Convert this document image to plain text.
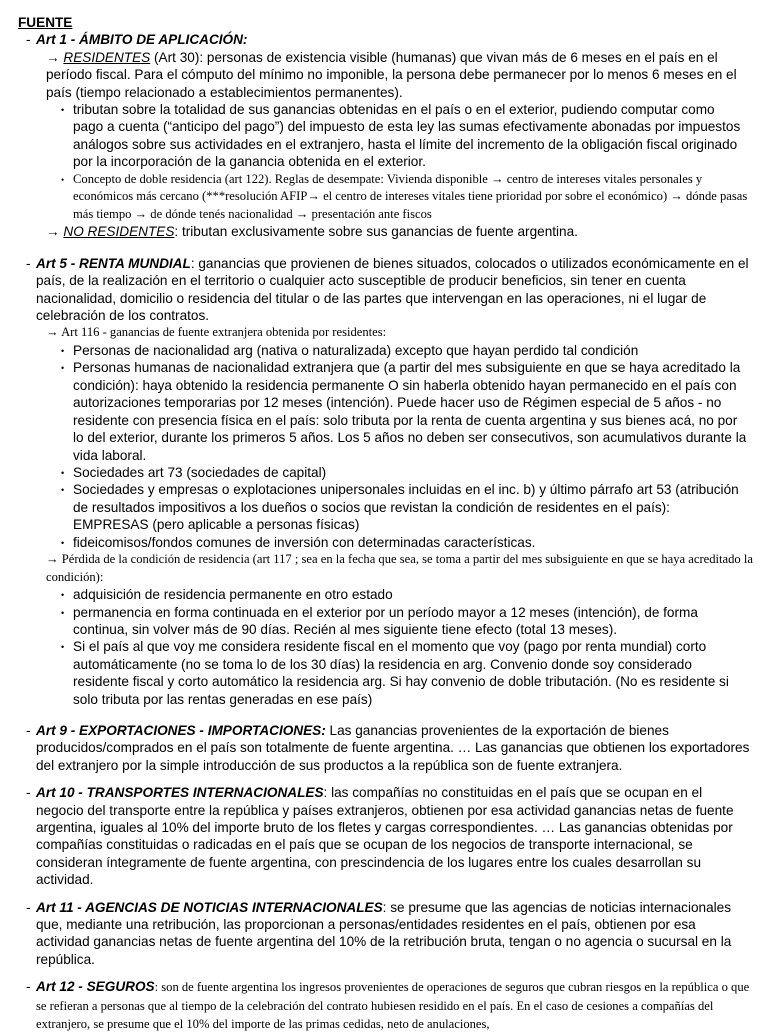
FUENTE
- Art 1 - ÁMBITO DE APLICACIÓN:
→ RESIDENTES (Art 30): personas de existencia visible (humanas) que vivan más de 6 meses en el país en el período fiscal. Para el cómputo del mínimo no imponible, la persona debe permanecer por lo menos 6 meses en el país (tiempo relacionado a establecimientos permanentes).
• tributan sobre la totalidad de sus ganancias obtenidas en el país o en el exterior, pudiendo computar como pago a cuenta (“anticipo del pago”) del impuesto de esta ley las sumas efectivamente abonadas por impuestos análogos sobre sus actividades en el extranjero, hasta el límite del incremento de la obligación fiscal originado por la incorporación de la ganancia obtenida en el exterior.
• Concepto de doble residencia (art 122). Reglas de desempate: Vivienda disponible → centro de intereses vitales personales y económicos más cercano (***resolución AFIP→ el centro de intereses vitales tiene prioridad por sobre el económico) → dónde pasas más tiempo → de dónde tenés nacionalidad → presentación ante fiscos
→ NO RESIDENTES: tributan exclusivamente sobre sus ganancias de fuente argentina.
- Art 5 - RENTA MUNDIAL: ganancias que provienen de bienes situados, colocados o utilizados económicamente en el país, de la realización en el territorio o cualquier acto susceptible de producir beneficios, sin tener en cuenta nacionalidad, domicilio o residencia del titular o de las partes que intervengan en las operaciones, ni el lugar de celebración de los contratos.
→ Art 116 - ganancias de fuente extranjera obtenida por residentes:
• Personas de nacionalidad arg (nativa o naturalizada) excepto que hayan perdido tal condición
• Personas humanas de nacionalidad extranjera que (a partir del mes subsiguiente en que se haya acreditado la condición): haya obtenido la residencia permanente O sin haberla obtenido hayan permanecido en el país con autorizaciones temporarias por 12 meses (intención). Puede hacer uso de Régimen especial de 5 años - no residente con presencia física en el país: solo tributa por la renta de cuenta argentina y sus bienes acá, no por lo del exterior, durante los primeros 5 años. Los 5 años no deben ser consecutivos, son acumulativos durante la vida laboral.
• Sociedades art 73 (sociedades de capital)
• Sociedades y empresas o explotaciones unipersonales incluidas en el inc. b) y último párrafo art 53 (atribución de resultados impositivos a los dueños o socios que revistan la condición de residentes en el país): EMPRESAS (pero aplicable a personas físicas)
• fideicomisos/fondos comunes de inversión con determinadas características.
→ Pérdida de la condición de residencia (art 117 ; sea en la fecha que sea, se toma a partir del mes subsiguiente en que se haya acreditado la condición):
• adquisición de residencia permanente en otro estado
• permanencia en forma continuada en el exterior por un período mayor a 12 meses (intención), de forma continua, sin volver más de 90 días. Recién al mes siguiente tiene efecto (total 13 meses).
• Si el país al que voy me considera residente fiscal en el momento que voy (pago por renta mundial) corto automáticamente (no se toma lo de los 30 días) la residencia en arg. Convenio donde soy considerado residente fiscal y corto automático la residencia arg. Si hay convenio de doble tributación. (No es residente si solo tributa por las rentas generadas en ese país)
- Art 9 - EXPORTACIONES - IMPORTACIONES: Las ganancias provenientes de la exportación de bienes producidos/comprados en el país son totalmente de fuente argentina. … Las ganancias que obtienen los exportadores del extranjero por la simple introducción de sus productos a la república son de fuente extranjera.
- Art 10 - TRANSPORTES INTERNACIONALES: las compañías no constituidas en el país que se ocupan en el negocio del transporte entre la república y países extranjeros, obtienen por esa actividad ganancias netas de fuente argentina, iguales al 10% del importe bruto de los fletes y cargas correspondientes. … Las ganancias obtenidas por compañías constituidas o radicadas en el país que se ocupan de los negocios de transporte internacional, se consideran íntegramente de fuente argentina, con prescindencia de los lugares entre los cuales desarrollan su actividad.
- Art 11 - AGENCIAS DE NOTICIAS INTERNACIONALES: se presume que las agencias de noticias internacionales que, mediante una retribución, las proporcionan a personas/entidades residentes en el país, obtienen por esa actividad ganancias netas de fuente argentina del 10% de la retribución bruta, tengan o no agencia o sucursal en la república.
- Art 12 - SEGUROS: son de fuente argentina los ingresos provenientes de operaciones de seguros que cubran riesgos en la república o que se refieran a personas que al tiempo de la celebración del contrato hubiesen residido en el país. En el caso de cesiones a compañías del extranjero, se presume que el 10% del importe de las primas cedidas, neto de anulaciones,
